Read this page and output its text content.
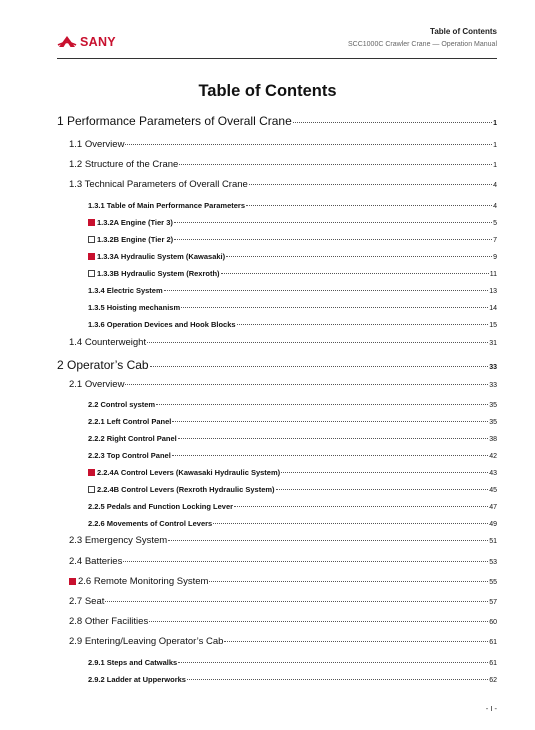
SANY
Table of Contents
SCC1000C Crawler Crane — Operation Manual
Table of Contents
1 Performance Parameters of Overall Crane	1
1.1 Overview	1
1.2 Structure of the Crane	1
1.3 Technical Parameters of Overall Crane	4
1.3.1 Table of Main Performance Parameters	4
1.3.2A Engine (Tier 3)	5
1.3.2B Engine (Tier 2)	7
1.3.3A Hydraulic System (Kawasaki)	9
1.3.3B Hydraulic System (Rexroth)	11
1.3.4 Electric System	13
1.3.5 Hoisting mechanism	14
1.3.6 Operation Devices and Hook Blocks	15
1.4 Counterweight	31
2 Operator’s Cab	33
2.1 Overview	33
2.2 Control system	35
2.2.1 Left Control Panel	35
2.2.2 Right Control Panel	38
2.2.3 Top Control Panel	42
2.2.4A Control Levers (Kawasaki Hydraulic System)	43
2.2.4B Control Levers (Rexroth Hydraulic System)	45
2.2.5 Pedals and Function Locking Lever	47
2.2.6 Movements of Control Levers	49
2.3 Emergency System	51
2.4 Batteries	53
2.6 Remote Monitoring System	55
2.7 Seat	57
2.8 Other Facilities	60
2.9 Entering/Leaving Operator’s Cab	61
2.9.1 Steps and Catwalks	61
2.9.2 Ladder at Upperworks	62
- I -
